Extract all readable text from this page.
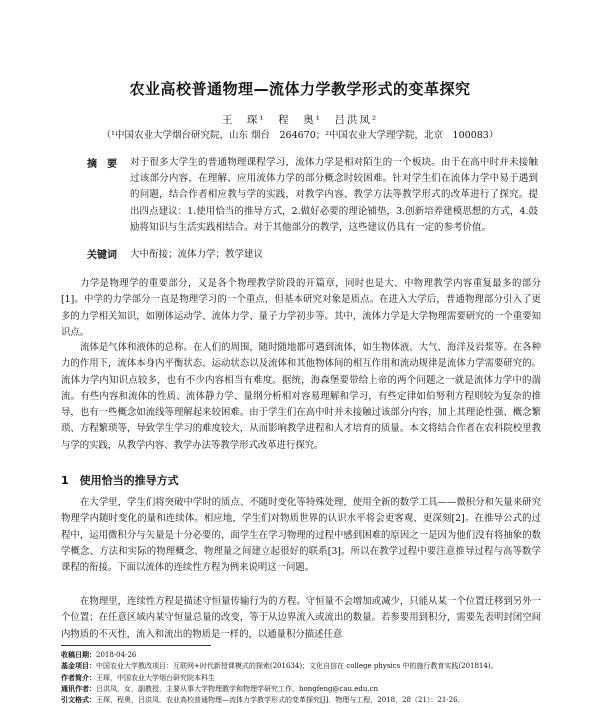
农业高校普通物理—流体力学教学形式的变革探究
王　琛¹　程　奥¹　吕洪凤²
（¹中国农业大学烟台研究院，山东 烟台　264670；²中国农业大学理学院，北京　100083）
摘　要 对于很多大学生的普通物理课程学习，流体力学是相对陌生的一个板块。由于在高中时并未接触过该部分内容，在理解、应用流体力学的部分概念时较困难。针对学生们在流体力学中易于遇到的问题，结合作者相应教与学的实践，对教学内容、教学方法等教学形式的改革进行了探究。提出四点建议：1.使用恰当的推导方式，2.做好必要的理论铺垫，3.创新培养建模思想的方式，4.鼓励将知识与生活实践相结合。对于其他部分的教学，这些建议仍具有一定的参考价值。
关键词 大中衔接；流体力学；教学建议

力学是物理学的重要部分，又是各个物理教学阶段的开篇章，同时也是大、中物理教学内容重复最多的部分[1]。中学的力学部分一直是物理学习的一个重点，但基本研究对象是质点。在进入大学后，普通物理部分引入了更多的力学相关知识，如刚体运动学、流体力学、量子力学初步等。其中，流体力学是大学物理需要研究的一个重要知识点。

流体是气体和液体的总称。在人们的周围，随时随地都可遇到流体，如生物体液、大气、海洋及岩浆等。在各种力的作用下，流体本身内平衡状态、运动状态以及流体和其他物体间的相互作用和流动规律是流体力学需要研究的。流体力学内知识点较多，也有不少内容相当有难度。据统，海森堡要带给上帝的两个问题之一就是流体力学中的湍流。有些内容和流体的性质、流体静力学、量纲分析相对容易理解和学习，有些定律如伯努利方程则较为复杂的推导，也有一些概念如流线等理解起来较困难。由于学生们在高中时并未接触过该部分内容，加上其理论性强、概念繁琐、方程繁琐等，导致学生学习的难度较大，从而影响教学进程和人才培育的质量。本文将结合作者在农科院校里教与学的实践，从教学内容、教学办法等教学形式改革进行探究。

1　使用恰当的推导方式

在大学里，学生们将突破中学时的质点、不随时变化等特殊处理，使用全新的数学工具——微积分和矢量来研究物理学内随时变化的量和连续体。相应地，学生们对物质世界的认识水平将会更客观、更深刻[2]。在推导公式的过程中，运用微积分与矢量是十分必要的，面学生在学习物理的过程中感到困难的原因之一是因为他们没有将抽象的数学概念、方法和实际的物理概念、物理量之间建立起很好的联系[3]。所以在教学过程中要注意推导过程与高等数学课程的衔接。下面以流体的连续性方程为例来说明这一问题。

在物理里，连续性方程是描述守恒量传输行为的方程。守恒量不会增加或减少，只能从某一个位置迁移到另外一个位置；在任意区域内某守恒量总量的改变，等于从边界流入或流出的数量。若参要用到积分，需要先表明封闭空间内物质的不灭性，流入和流出的物质是一样的，以通量积分描述任意

收稿日期：2018-04-26
基金项目：中国农业大学教改项目：互联网+时代新授课模式的探索(201634)；文化自信在 college physics 中的施行教育实践(201814)。
作者简介：王琛，中国农业大学烟台研究院本科生
通讯作者：吕洪凤，女，副教授，主要从事大学物理教学和物理学研究工作，hongfeng@cau.edu.cn
引文格式：王琛，程奥，吕洪凤．农业高校普通物理—流体力学教学形式的变革探究[J]．物理与工程，2018，28（21）：21-26.
